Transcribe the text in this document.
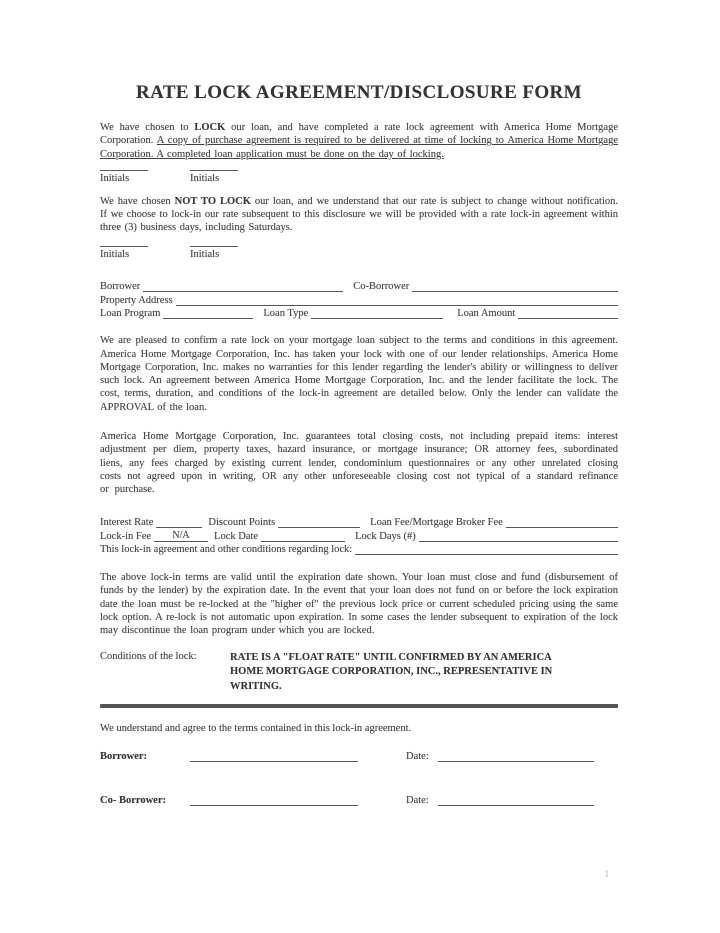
RATE LOCK AGREEMENT/DISCLOSURE FORM

We have chosen to LOCK our loan, and have completed a rate lock agreement with America Home Mortgage Corporation. A copy of purchase agreement is required to be delivered at time of locking to America Home Mortgage Corporation. A completed loan application must be done on the day of locking.

Initials	Initials

We have chosen NOT TO LOCK our loan, and we understand that our rate is subject to change without notification. If we choose to lock-in our rate subsequent to this disclosure we will be provided with a rate lock-in agreement within three (3) business days, including Saturdays.

Initials	Initials
Borrower	Co-Borrower
Property Address
Loan Program	Loan Type	Loan Amount

We are pleased to confirm a rate lock on your mortgage loan subject to the terms and conditions in this agreement. America Home Mortgage Corporation, Inc. has taken your lock with one of our lender relationships. America Home Mortgage Corporation, Inc. makes no warranties for this lender regarding the lender's ability or willingness to deliver such lock. An agreement between America Home Mortgage Corporation, Inc. and the lender facilitate the lock. The cost, terms, duration, and conditions of the lock-in agreement are detailed below. Only the lender can validate the APPROVAL of the loan.

America Home Mortgage Corporation, Inc. guarantees total closing costs, not including prepaid items: interest adjustment per diem, property taxes, hazard insurance, or mortgage insurance; OR attorney fees, subordinated liens, any fees charged by existing current lender, condominium questionnaires or any other unrelated closing costs not agreed upon in writing, OR any other unforeseeable closing cost not typical of a standard refinance or purchase.

Interest Rate	Discount Points	Loan Fee/Mortgage Broker Fee
Lock-in Fee	N/A	Lock Date	Lock Days (#)
This lock-in agreement and other conditions regarding lock:

The above lock-in terms are valid until the expiration date shown. Your loan must close and fund (disbursement of funds by the lender) by the expiration date. In the event that your loan does not fund on or before the lock expiration date the loan must be re-locked at the "higher of" the previous lock price or current scheduled pricing using the same lock option. A re-lock is not automatic upon expiration. In some cases the lender subsequent to expiration of the lock may discontinue the loan program under which you are locked.

Conditions of the lock:	RATE IS A "FLOAT RATE" UNTIL CONFIRMED BY AN AMERICA HOME MORTGAGE CORPORATION, INC., REPRESENTATIVE IN WRITING.

We understand and agree to the terms contained in this lock-in agreement.

Borrower:	Date:
Co- Borrower:	Date:
1
